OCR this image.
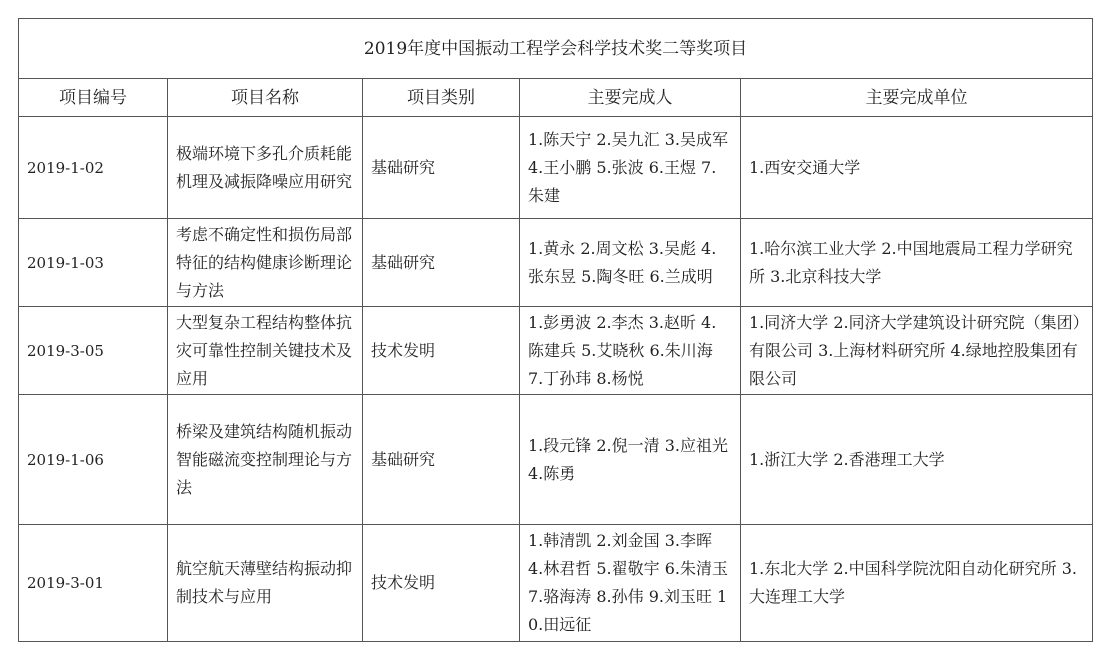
2019年度中国振动工程学会科学技术奖二等奖项目				
项目编号	项目名称	项目类别	主要完成人	主要完成单位
2019-1-02	极端环境下多孔介质耗能机理及减振降噪应用研究	基础研究	1.陈天宁 2.吴九汇 3.吴成军 4.王小鹏 5.张波 6.王煜 7.朱建	1.西安交通大学
2019-1-03	考虑不确定性和损伤局部特征的结构健康诊断理论与方法	基础研究	1.黄永 2.周文松 3.吴彪 4.张东昱 5.陶冬旺 6.兰成明	1.哈尔滨工业大学 2.中国地震局工程力学研究所 3.北京科技大学
2019-3-05	大型复杂工程结构整体抗灾可靠性控制关键技术及应用	技术发明	1.彭勇波 2.李杰 3.赵昕 4.陈建兵 5.艾晓秋 6.朱川海 7.丁孙玮 8.杨悦	1.同济大学 2.同济大学建筑设计研究院（集团）有限公司 3.上海材料研究所 4.绿地控股集团有限公司
2019-1-06	桥梁及建筑结构随机振动智能磁流变控制理论与方法	基础研究	1.段元锋 2.倪一清 3.应祖光 4.陈勇	1.浙江大学 2.香港理工大学
2019-3-01	航空航天薄壁结构振动抑制技术与应用	技术发明	1.韩清凯 2.刘金国 3.李晖 4.林君哲 5.翟敬宇 6.朱清玉 7.骆海涛 8.孙伟 9.刘玉旺 10.田远征	1.东北大学 2.中国科学院沈阳自动化研究所 3.大连理工大学
